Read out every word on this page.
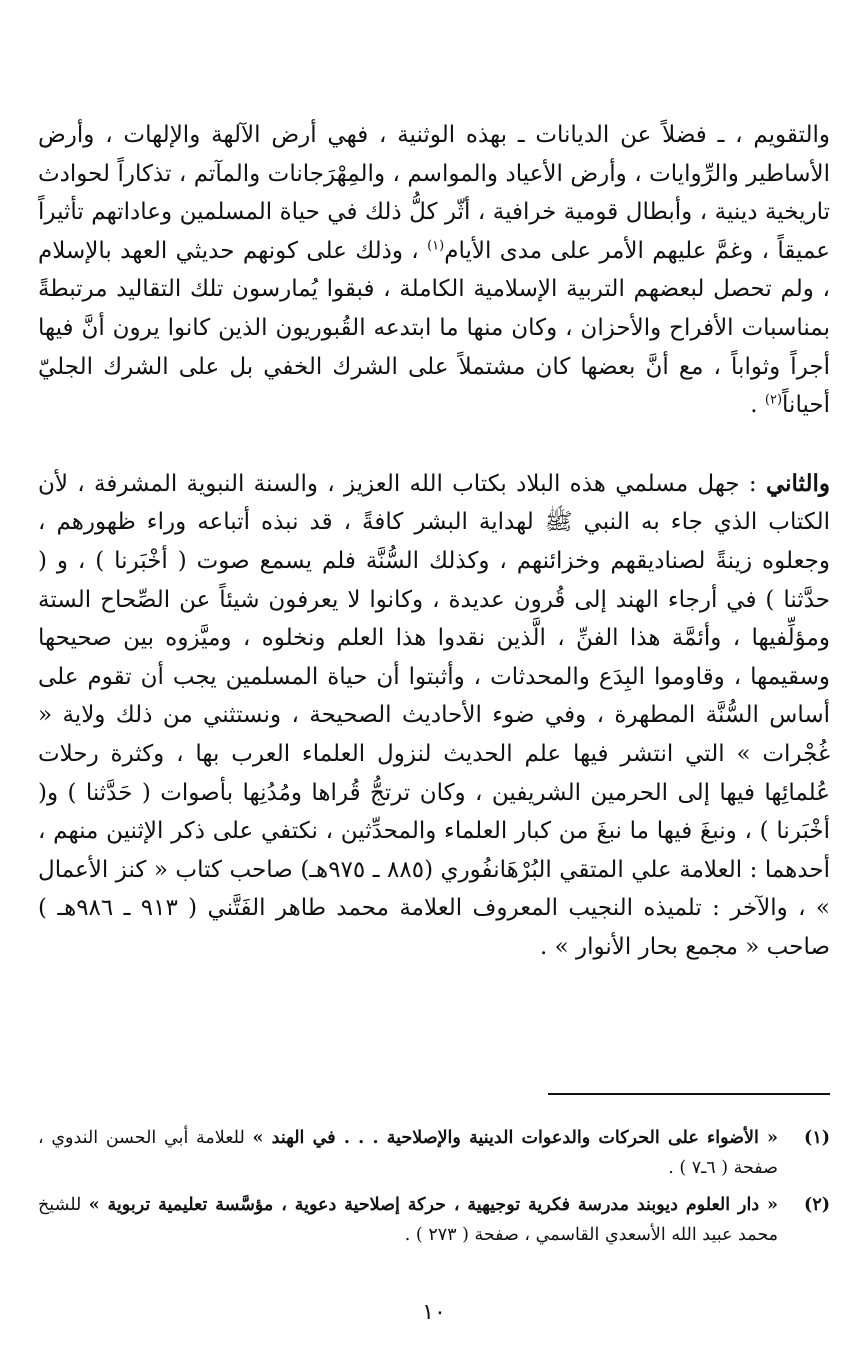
والتقويم ، ـ فضلاً عن الديانات ـ بهذه الوثنية ، فهي أرض الآلهة والإلهات ، وأرض الأساطير والرِّوايات ، وأرض الأعياد والمواسم ، والمِهْرَجانات والمآتم ، تذكاراً لحوادث تاريخية دينية ، وأبطال قومية خرافية ، أثّر كلُّ ذلك في حياة المسلمين وعاداتهم تأثيراً عميقاً ، وغمَّ عليهم الأمر على مدى الأيام$^{(١)}$ ، وذلك على كونهم حديثي العهد بالإسلام ، ولم تحصل لبعضهم التربية الإسلامية الكاملة ، فبقوا يُمارسون تلك التقاليد مرتبطةً بمناسبات الأفراح والأحزان ، وكان منها ما ابتدعه القُبوريون الذين كانوا يرون أنَّ فيها أجراً وثواباً ، مع أنَّ بعضها كان مشتملاً على الشرك الخفي بل على الشرك الجليّ أحياناً$^{(٢)}$ .

والثاني : جهل مسلمي هذه البلاد بكتاب الله العزيز ، والسنة النبوية المشرفة ، لأن الكتاب الذي جاء به النبي ﷺ لهداية البشر كافةً ، قد نبذه أتباعه وراء ظهورهم ، وجعلوه زينةً لصناديقهم وخزائنهم ، وكذلك السُّنَّة فلم يسمع صوت ( أخْبَرنا ) ، و ( حدَّثنا ) في أرجاء الهند إلى قُرون عديدة ، وكانوا لا يعرفون شيئاً عن الصِّحاح الستة ومؤلِّفيها ، وأئمَّة هذا الفنِّ ، الَّذين نقدوا هذا العلم ونخلوه ، وميَّزوه بين صحيحها وسقيمها ، وقاوموا البِدَع والمحدثات ، وأثبتوا أن حياة المسلمين يجب أن تقوم على أساس السُّنَّة المطهرة ، وفي ضوء الأحاديث الصحيحة ، ونستثني من ذلك ولاية « غُجْرات » التي انتشر فيها علم الحديث لنزول العلماء العرب بها ، وكثرة رحلات عُلمائِها فيها إلى الحرمين الشريفين ، وكان ترتجُّ قُراها ومُدُنِها بأصوات ( حَدَّثنا ) و( أخْبَرنا ) ، ونبغَ فيها ما نبغَ من كبار العلماء والمحدِّثين ، نكتفي على ذكر الإثنين منهم ، أحدهما : العلامة علي المتقي البُرْهَانفُوري (٨٨٥ ـ ٩٧٥هـ) صاحب كتاب « كنز الأعمال » ، والآخر : تلميذه النجيب المعروف العلامة محمد طاهر الفَتَّني ( ٩١٣ ـ ٩٨٦هـ ) صاحب « مجمع بحار الأنوار » .

(١)
« الأضواء على الحركات والدعوات الدينية والإصلاحية . . . في الهند » للعلامة أبي الحسن الندوي ، صفحة ( ٦ـ٧ ) .
(٢)
« دار العلوم ديوبند مدرسة فكرية توجيهية ، حركة إصلاحية دعوية ، مؤسَّسة تعليمية تربوية » للشيخ محمد عبيد الله الأسعدي القاسمي ، صفحة ( ٢٧٣ ) .
١٠
